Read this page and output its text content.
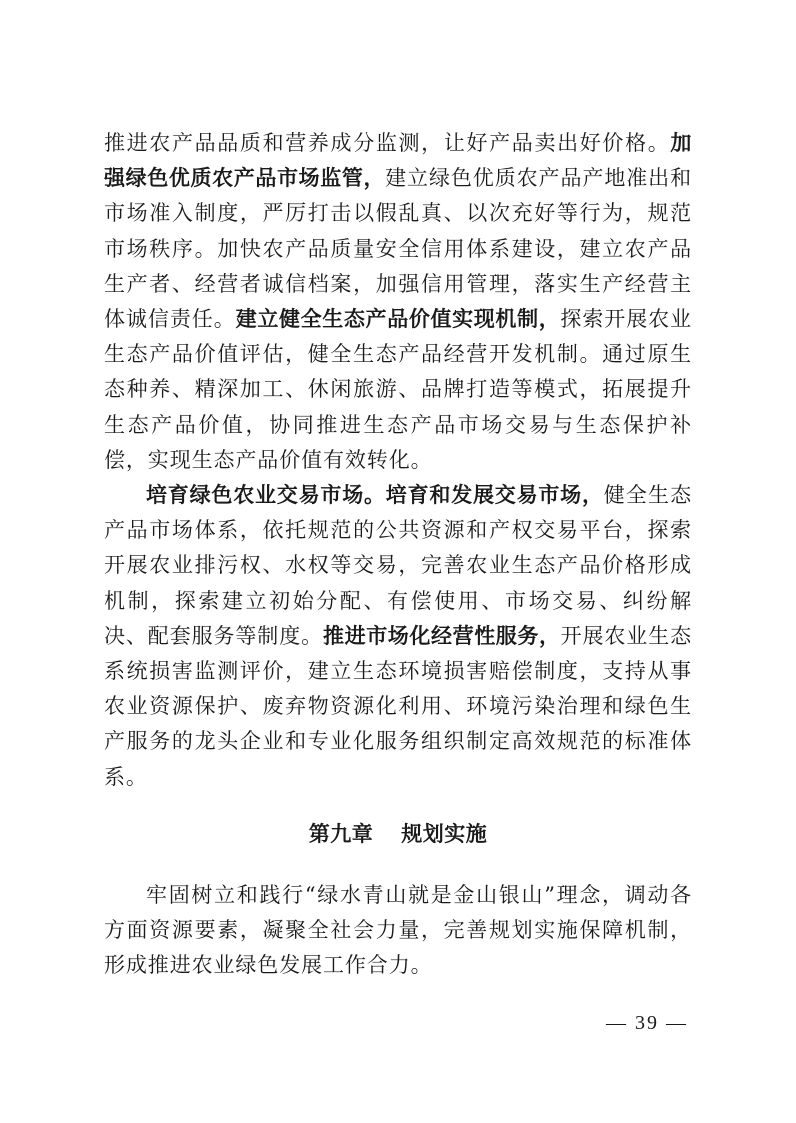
推进农产品品质和营养成分监测，让好产品卖出好价格。加强绿色优质农产品市场监管，建立绿色优质农产品产地准出和市场准入制度，严厉打击以假乱真、以次充好等行为，规范市场秩序。加快农产品质量安全信用体系建设，建立农产品生产者、经营者诚信档案，加强信用管理，落实生产经营主体诚信责任。建立健全生态产品价值实现机制，探索开展农业生态产品价值评估，健全生态产品经营开发机制。通过原生态种养、精深加工、休闲旅游、品牌打造等模式，拓展提升生态产品价值，协同推进生态产品市场交易与生态保护补偿，实现生态产品价值有效转化。

培育绿色农业交易市场。培育和发展交易市场，健全生态产品市场体系，依托规范的公共资源和产权交易平台，探索开展农业排污权、水权等交易，完善农业生态产品价格形成机制，探索建立初始分配、有偿使用、市场交易、纠纷解决、配套服务等制度。推进市场化经营性服务，开展农业生态系统损害监测评价，建立生态环境损害赔偿制度，支持从事农业资源保护、废弃物资源化利用、环境污染治理和绿色生产服务的龙头企业和专业化服务组织制定高效规范的标准体系。

第九章 规划实施

牢固树立和践行“绿水青山就是金山银山”理念，调动各方面资源要素，凝聚全社会力量，完善规划实施保障机制，形成推进农业绿色发展工作合力。

— 39 —
